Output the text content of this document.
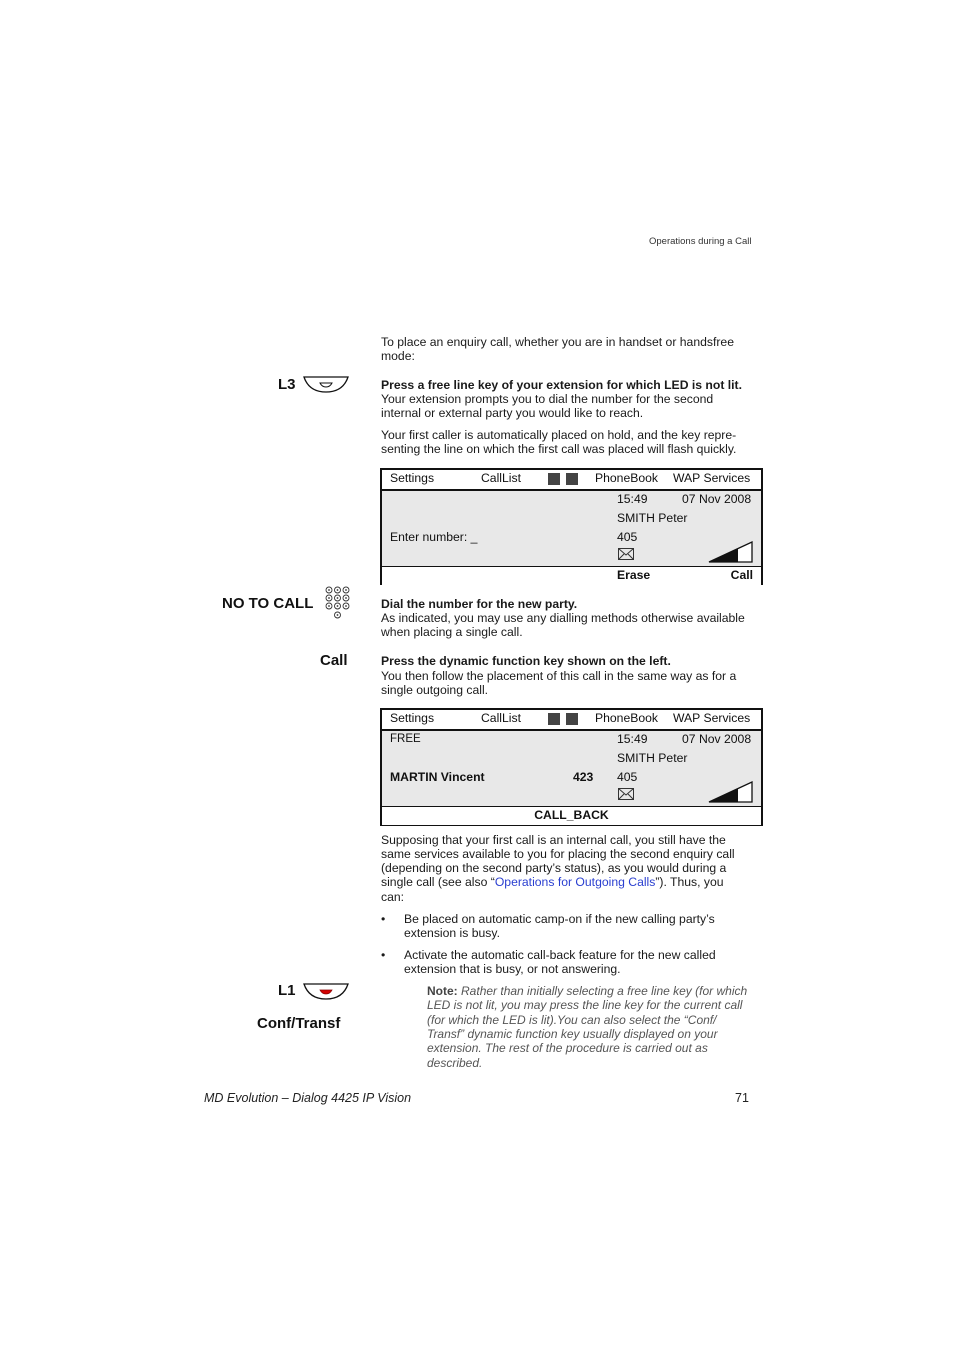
Operations during a Call
To place an enquiry call, whether you are in handset or handsfree mode:
L3	Press a free line key of your extension for which LED is not lit.
Your extension prompts you to dial the number for the second internal or external party you would like to reach.
Your first caller is automatically placed on hold, and the key repre-senting the line on which the first call was placed will flash quickly.
Settings	CallList	PhoneBook WAP Services
15:49	07 Nov 2008
SMITH Peter
Enter number: _	405
Erase	Call
NO TO CALL	Dial the number for the new party.
As indicated, you may use any dialling methods otherwise available
when placing a single call.
Call	Press the dynamic function key shown on the left.
You then follow the placement of this call in the same way as for a
single outgoing call.
Settings	CallList	PhoneBook WAP Services
FREE	15:49	07 Nov 2008
SMITH Peter
MARTIN Vincent	423 405
CALL_BACK
Supposing that your first call is an internal call, you still have the
same services available to you for placing the second enquiry call
(depending on the second party’s status), as you would during a
single call (see also “Operations for Outgoing Calls”). Thus, you
can:
• Be placed on automatic camp-on if the new calling party’s
extension is busy.
• Activate the automatic call-back feature for the new called
extension that is busy, or not answering.
L1
Conf/Transf
Note: Rather than initially selecting a free line key (for which
LED is not lit, you may press the line key for the current call
(for which the LED is lit).You can also select the “Conf/
Transf” dynamic function key usually displayed on your
extension. The rest of the procedure is carried out as
described.
MD Evolution – Dialog 4425 IP Vision	71
